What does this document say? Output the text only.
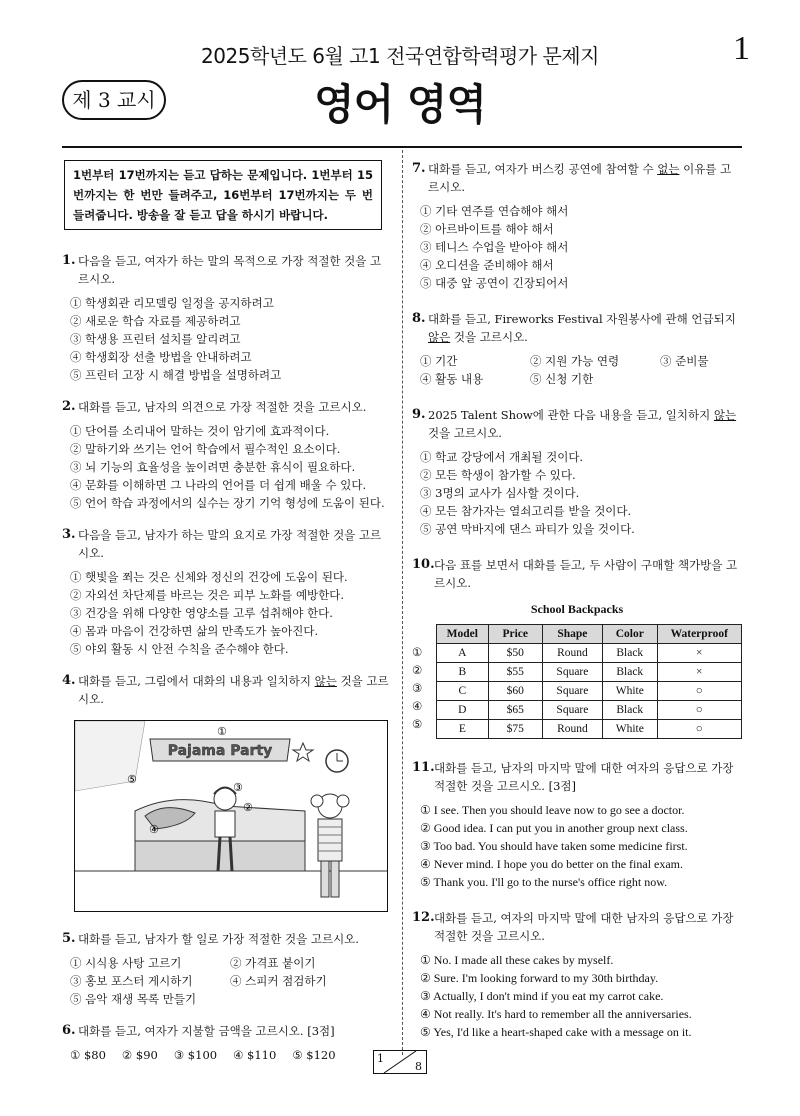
2025학년도 6월 고1 전국연합학력평가 문제지	1
제 3 교시	영어 영역
1번부터 17번까지는 듣고 답하는 문제입니다. 1번부터 15번까지는 한 번만 들려주고, 16번부터 17번까지는 두 번 들려줍니다. 방송을 잘 듣고 답을 하시기 바랍니다.
1. 다음을 듣고, 여자가 하는 말의 목적으로 가장 적절한 것을 고르시오.
① 학생회관 리모델링 일정을 공지하려고
② 새로운 학습 자료를 제공하려고
③ 학생용 프린터 설치를 알리려고
④ 학생회장 선출 방법을 안내하려고
⑤ 프린터 고장 시 해결 방법을 설명하려고
2. 대화를 듣고, 남자의 의견으로 가장 적절한 것을 고르시오.
① 단어를 소리내어 말하는 것이 암기에 효과적이다.
② 말하기와 쓰기는 언어 학습에서 필수적인 요소이다.
③ 뇌 기능의 효율성을 높이려면 충분한 휴식이 필요하다.
④ 문화를 이해하면 그 나라의 언어를 더 쉽게 배울 수 있다.
⑤ 언어 학습 과정에서의 실수는 장기 기억 형성에 도움이 된다.
3. 다음을 듣고, 남자가 하는 말의 요지로 가장 적절한 것을 고르시오.
① 햇빛을 쬐는 것은 신체와 정신의 건강에 도움이 된다.
② 자외선 차단제를 바르는 것은 피부 노화를 예방한다.
③ 건강을 위해 다양한 영양소를 고루 섭취해야 한다.
④ 몸과 마음이 건강하면 삶의 만족도가 높아진다.
⑤ 야외 활동 시 안전 수칙을 준수해야 한다.
4. 대화를 듣고, 그림에서 대화의 내용과 일치하지 않는 것을 고르시오.
Pajama Party
①
②
③
④
⑤
5. 대화를 듣고, 남자가 할 일로 가장 적절한 것을 고르시오.
① 시식용 사탕 고르기	② 가격표 붙이기
③ 홍보 포스터 게시하기	④ 스피커 점검하기
⑤ 음악 재생 목록 만들기
6. 대화를 듣고, 여자가 지불할 금액을 고르시오. [3점]
① $80 ② $90 ③ $100 ④ $110 ⑤ $120
7. 대화를 듣고, 여자가 버스킹 공연에 참여할 수 없는 이유를 고르시오.
① 기타 연주를 연습해야 해서
② 아르바이트를 해야 해서
③ 테니스 수업을 받아야 해서
④ 오디션을 준비해야 해서
⑤ 대중 앞 공연이 긴장되어서
8. 대화를 듣고, Fireworks Festival 자원봉사에 관해 언급되지 않은 것을 고르시오.
① 기간	② 지원 가능 연령	③ 준비물
④ 활동 내용	⑤ 신청 기한
9. 2025 Talent Show에 관한 다음 내용을 듣고, 일치하지 않는 것을 고르시오.
① 학교 강당에서 개최될 것이다.
② 모든 학생이 참가할 수 있다.
③ 3명의 교사가 심사할 것이다.
④ 모든 참가자는 열쇠고리를 받을 것이다.
⑤ 공연 막바지에 댄스 파티가 있을 것이다.
10. 다음 표를 보면서 대화를 듣고, 두 사람이 구매할 책가방을 고르시오.
School Backpacks
①
②
③
④
⑤
Model	Price	Shape	Color	Waterproof
A	$50	Round	Black	×
B	$55	Square	Black	×
C	$60	Square	White	○
D	$65	Square	Black	○
E	$75	Round	White	○
11. 대화를 듣고, 남자의 마지막 말에 대한 여자의 응답으로 가장 적절한 것을 고르시오. [3점]
① I see. Then you should leave now to go see a doctor.
② Good idea. I can put you in another group next class.
③ Too bad. You should have taken some medicine first.
④ Never mind. I hope you do better on the final exam.
⑤ Thank you. I'll go to the nurse's office right now.
12. 대화를 듣고, 여자의 마지막 말에 대한 남자의 응답으로 가장 적절한 것을 고르시오.
① No. I made all these cakes by myself.
② Sure. I'm looking forward to my 30th birthday.
③ Actually, I don't mind if you eat my carrot cake.
④ Not really. It's hard to remember all the anniversaries.
⑤ Yes, I'd like a heart-shaped cake with a message on it.
1
8
